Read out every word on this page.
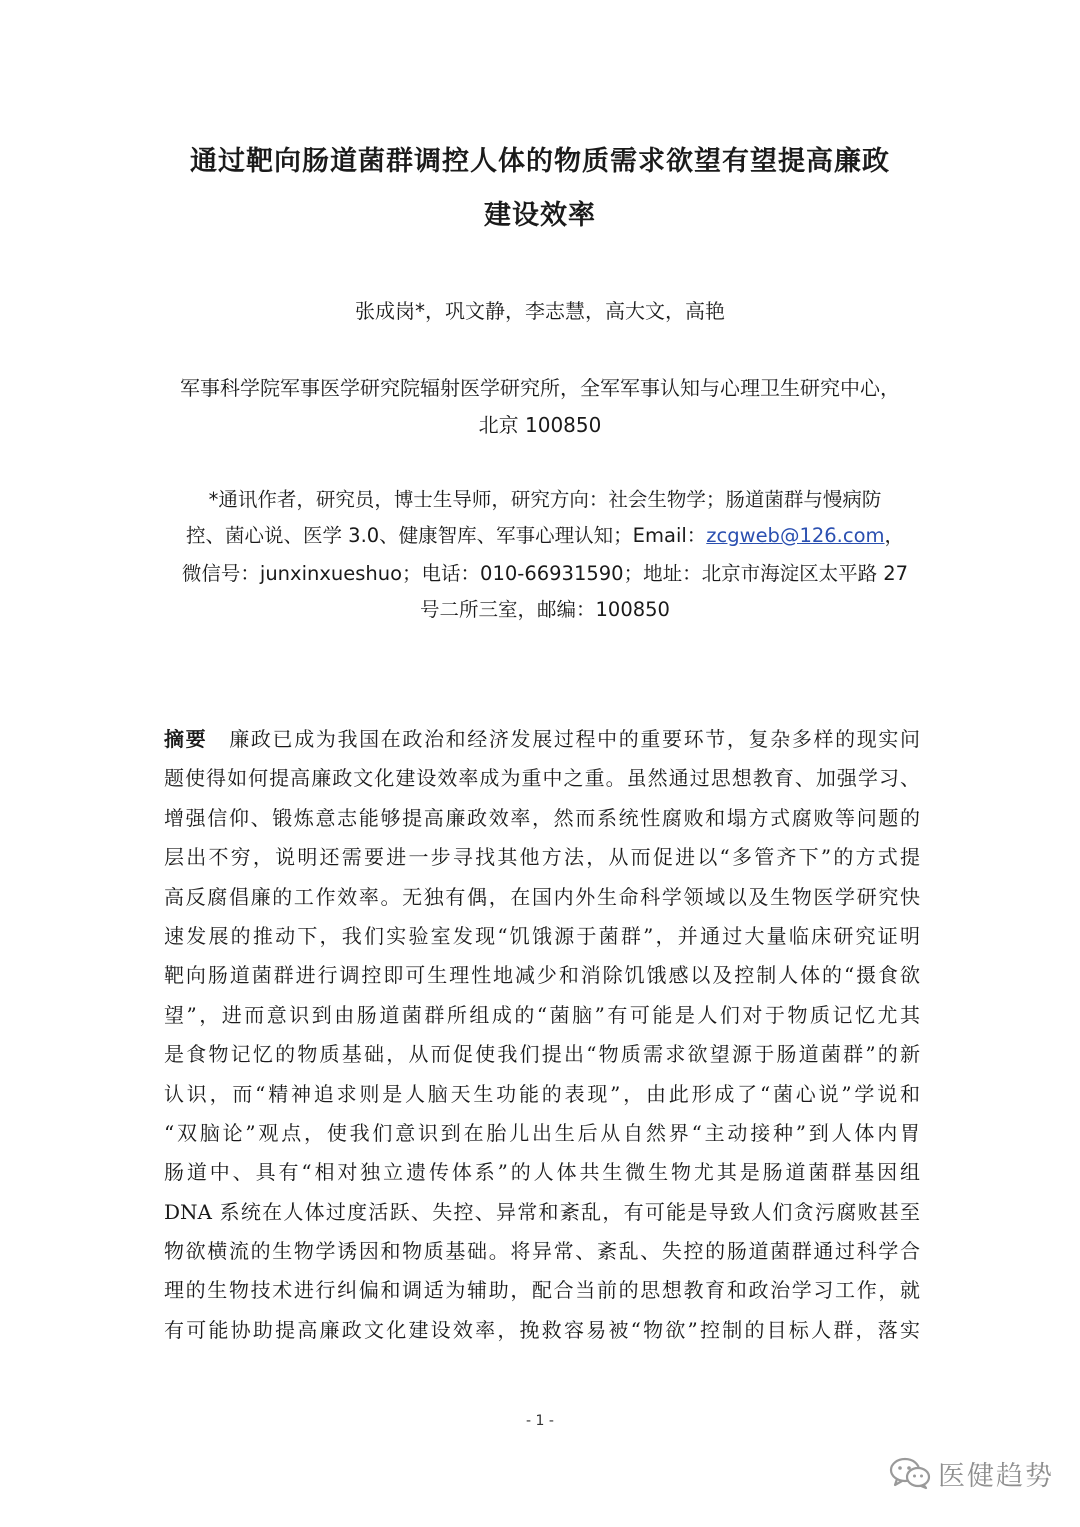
通过靶向肠道菌群调控人体的物质需求欲望有望提高廉政
建设效率
张成岗*，巩文静，李志慧，高大文，高艳
军事科学院军事医学研究院辐射医学研究所，全军军事认知与心理卫生研究中心，
北京 100850
*通讯作者，研究员，博士生导师，研究方向：社会生物学；肠道菌群与慢病防
控、菌心说、医学 3.0、健康智库、军事心理认知；Email：zcgweb@126.com，
微信号：junxinxueshuo；电话：010-66931590；地址：北京市海淀区太平路 27
号二所三室，邮编：100850
摘要 廉政已成为我国在政治和经济发展过程中的重要环节，复杂多样的现实问
题使得如何提高廉政文化建设效率成为重中之重。虽然通过思想教育、加强学习、
增强信仰、锻炼意志能够提高廉政效率，然而系统性腐败和塌方式腐败等问题的
层出不穷，说明还需要进一步寻找其他方法，从而促进以“多管齐下”的方式提
高反腐倡廉的工作效率。无独有偶，在国内外生命科学领域以及生物医学研究快
速发展的推动下，我们实验室发现“饥饿源于菌群”，并通过大量临床研究证明
靶向肠道菌群进行调控即可生理性地减少和消除饥饿感以及控制人体的“摄食欲
望”，进而意识到由肠道菌群所组成的“菌脑”有可能是人们对于物质记忆尤其
是食物记忆的物质基础，从而促使我们提出“物质需求欲望源于肠道菌群”的新
认识，而“精神追求则是人脑天生功能的表现”，由此形成了“菌心说”学说和
“双脑论”观点，使我们意识到在胎儿出生后从自然界“主动接种”到人体内胃
肠道中、具有“相对独立遗传体系”的人体共生微生物尤其是肠道菌群基因组
DNA 系统在人体过度活跃、失控、异常和紊乱，有可能是导致人们贪污腐败甚至
物欲横流的生物学诱因和物质基础。将异常、紊乱、失控的肠道菌群通过科学合
理的生物技术进行纠偏和调适为辅助，配合当前的思想教育和政治学习工作，就
有可能协助提高廉政文化建设效率，挽救容易被“物欲”控制的目标人群，落实
- 1 -
医健趋势
